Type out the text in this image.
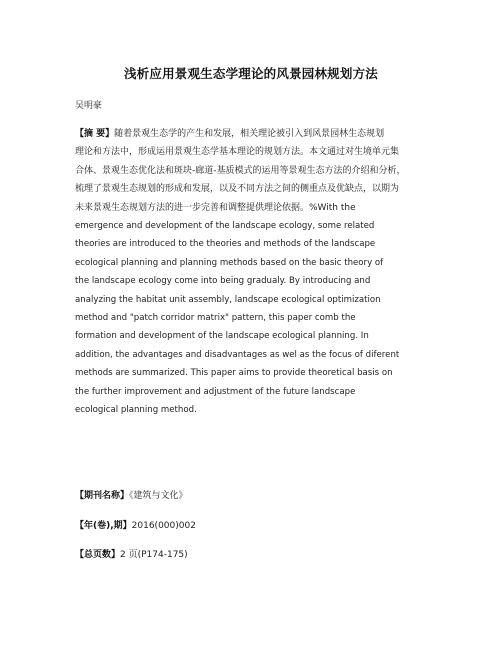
浅析应用景观生态学理论的风景园林规划方法
吴明豪
【摘 要】随着景观生态学的产生和发展，相关理论被引入到风景园林生态规划
理论和方法中，形成运用景观生态学基本理论的规划方法。本文通过对生境单元集
合体、景观生态优化法和斑块-廊道-基质模式的运用等景观生态方法的介绍和分析，
梳理了景观生态规划的形成和发展，以及不同方法之间的侧重点及优缺点，以期为
未来景观生态规划方法的进一步完善和调整提供理论依据。%With the
emergence and development of the landscape ecology, some related
theories are introduced to the theories and methods of the landscape
ecological planning and planning methods based on the basic theory of
the landscape ecology come into being gradualy. By introducing and
analyzing the habitat unit assembly, landscape ecological optimization
method and "patch corridor matrix" pattern, this paper comb the
formation and development of the landscape ecological planning. In
addition, the advantages and disadvantages as wel as the focus of diferent
methods are summarized. This paper aims to provide theoretical basis on
the further improvement and adjustment of the future landscape
ecological planning method.
【期刊名称】《建筑与文化》
【年(卷),期】2016(000)002
【总页数】2 页(P174-175)
